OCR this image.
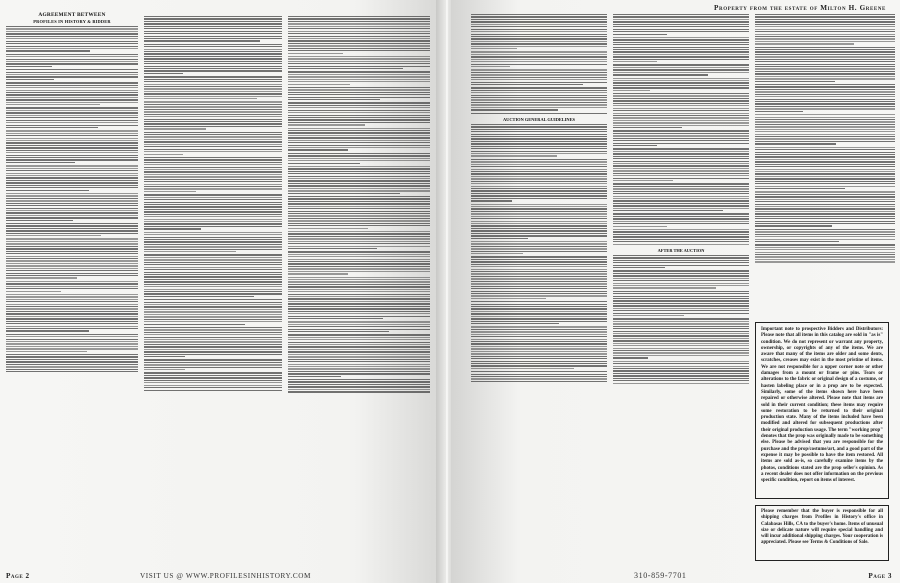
AGREEMENT BETWEEN
PROFILES IN HISTORY & BIDDER
Page 2	VISIT US @ WWW.PROFILESINHISTORY.COM
Property from the estate of Milton H. Greene
AUCTION GENERAL GUIDELINES
AFTER THE AUCTION
Important note to prospective Bidders and Distributors: Please note that all items in this catalog are sold in "as is" condition. We do not represent or warrant any property, ownership, or copyrights of any of the items. We are aware that many of the items are older and some dents, scratches, creases may exist in the most pristine of items. We are not responsible for a upper corner note or other damages from a mount or frame or pins. Tears or alterations to the fabric or original design of a costume, or hasten labeling place or in a prop are to be expected. Similarly, some of the items shown here have been repaired or otherwise altered. Please note that items are sold in their current condition; these items may require some restoration to be returned to their original production state. Many of the items included have been modified and altered for subsequent productions after their original production usage. The term "working prop" denotes that the prop was originally made to be something else. Please be advised that you are responsible for the purchase and the prop/costume/art, and a good part of the expense it may be possible to have the item restored. All items are sold as-is, so carefully examine items by the photos, conditions stated are the prop seller's opinion. As a recent dealer does not offer information on the previous specific condition, report on items of interest.
Please remember that the buyer is responsible for all shipping charges from Profiles in History's office in Calabasas Hills, CA to the buyer's home. Items of unusual size or delicate nature will require special handling and will incur additional shipping charges. Your cooperation is appreciated. Please see Terms & Conditions of Sale.
310-859-7701	Page 3
